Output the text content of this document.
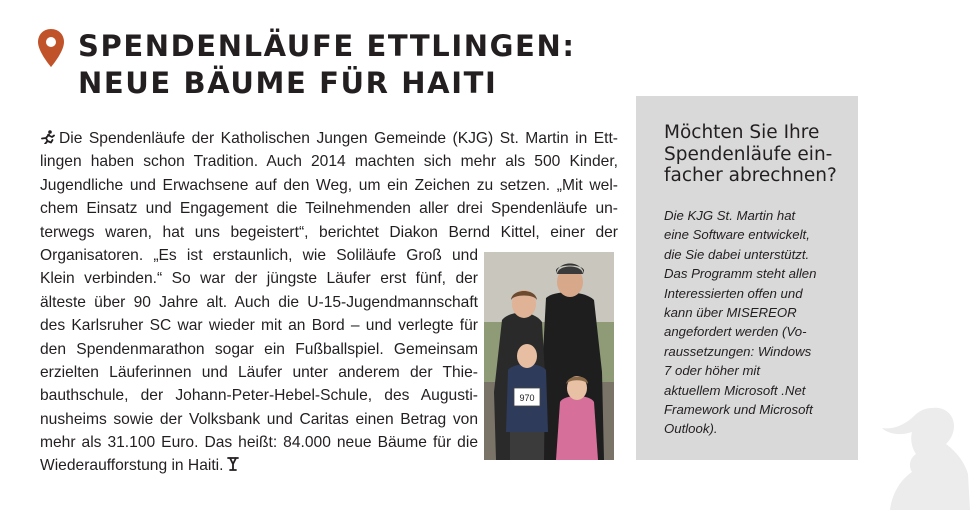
SPENDENLÄUFE ETTLINGEN:
NEUE BÄUME FÜR HAITI
Die Spendenläufe der Katholischen Jungen Gemeinde (KJG) St. Martin in Ett-
lingen haben schon Tradition. Auch 2014 machten sich mehr als 500 Kinder,
Jugendliche und Erwachsene auf den Weg, um ein Zeichen zu setzen. „Mit wel-
chem Einsatz und Engagement die Teilnehmenden aller drei Spendenläufe un-
terwegs waren, hat uns begeistert“, berichtet Diakon Bernd Kittel, einer der
Organisatoren. „Es ist erstaunlich, wie Soliläufe Groß und
Klein verbinden.“ So war der jüngste Läufer erst fünf, der
älteste über 90 Jahre alt. Auch die U-15-Jugendmannschaft
des Karlsruher SC war wieder mit an Bord – und verlegte für
den Spendenmarathon sogar ein Fußballspiel. Gemeinsam
erzielten Läuferinnen und Läufer unter anderem der Thie-
bauthschule, der Johann-Peter-Hebel-Schule, des Augusti-
nusheims sowie der Volksbank und Caritas einen Betrag von
mehr als 31.100 Euro. Das heißt: 84.000 neue Bäume für die
Wiederaufforstung in Haiti.
970
Möchten Sie Ihre
Spendenläufe ein-
facher abrechnen?

Die KJG St. Martin hat
eine Software entwickelt,
die Sie dabei unterstützt.
Das Programm steht allen
Interessierten offen und
kann über MISEREOR
angefordert werden (Vo-
raussetzungen: Windows
7 oder höher mit
aktuellem Microsoft .Net
Framework und Microsoft
Outlook).
